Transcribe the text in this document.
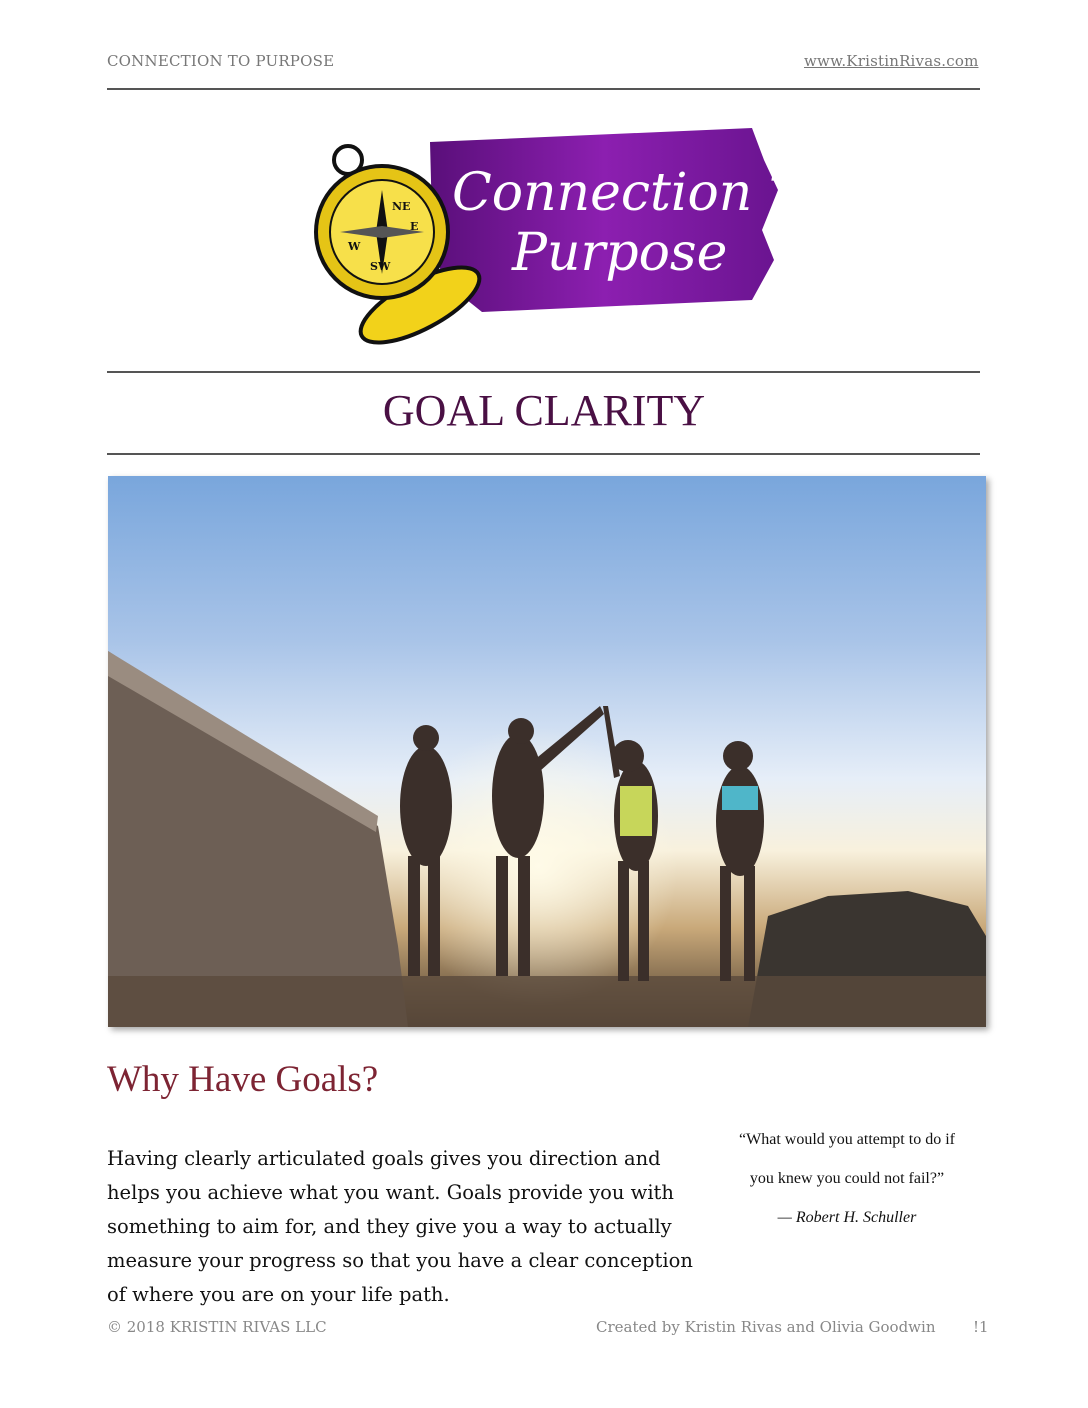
CONNECTION TO PURPOSE	www.KristinRivas.com
Connection To
Purpose
NE
E
W
SW
GOAL CLARITY
Why Have Goals?
Having clearly articulated goals gives you direction and helps you achieve what you want. Goals provide you with something to aim for, and they give you a way to actually measure your progress so that you have a clear conception of where you are on your life path.
“What would you attempt to do if
you knew you could not fail?”
— Robert H. Schuller
© 2018 KRISTIN RIVAS LLC	Created by Kristin Rivas and Olivia Goodwin	!1
